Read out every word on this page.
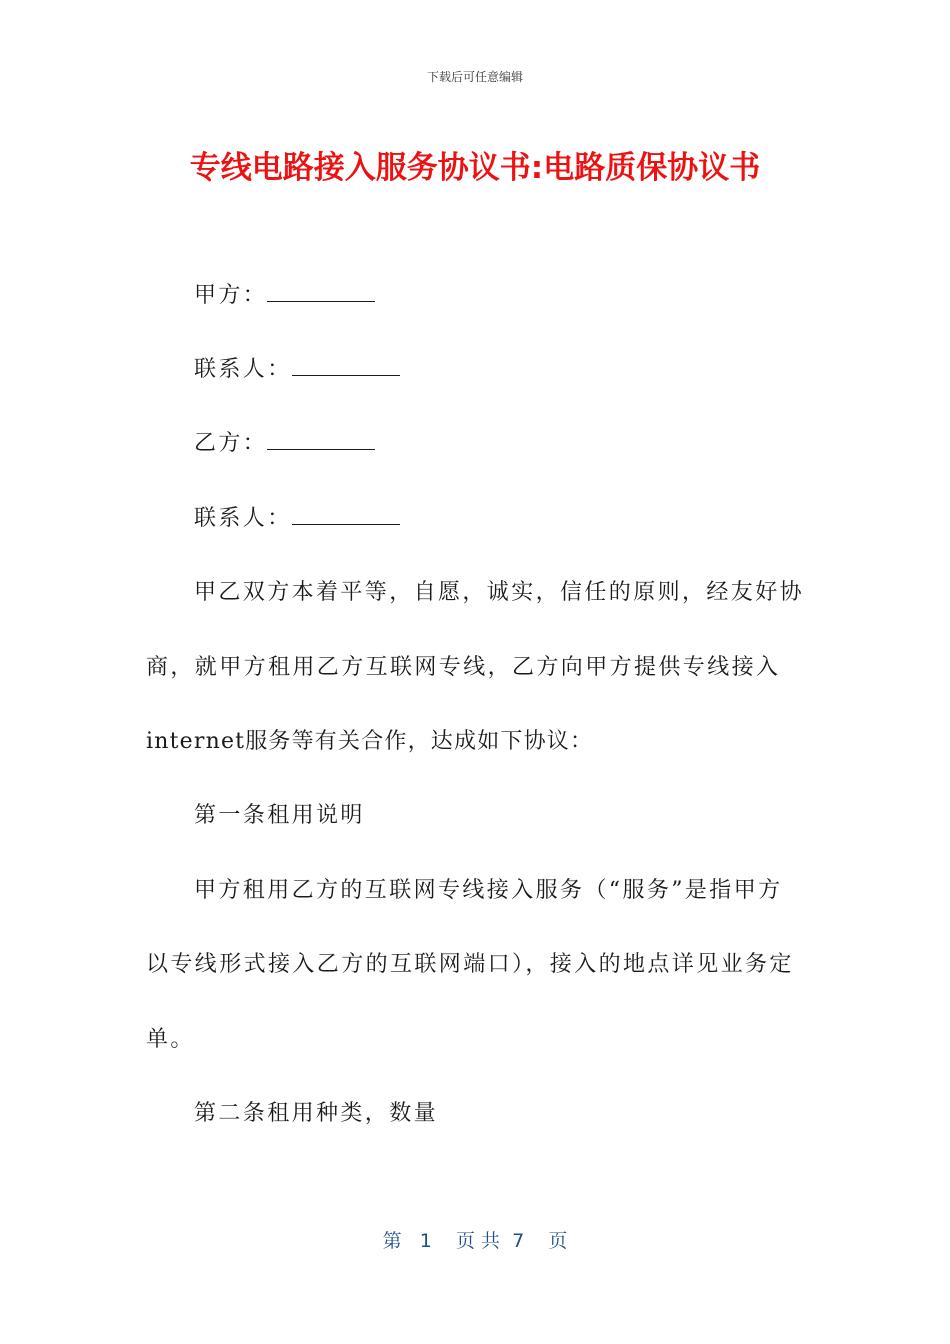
下载后可任意编辑
专线电路接入服务协议书:电路质保协议书
甲方：
联系人：
乙方：
联系人：
甲乙双方本着平等，自愿，诚实，信任的原则，经友好协
商，就甲方租用乙方互联网专线，乙方向甲方提供专线接入
internet服务等有关合作，达成如下协议：
第一条租用说明
甲方租用乙方的互联网专线接入服务（“服务”是指甲方
以专线形式接入乙方的互联网端口），接入的地点详见业务定
单。
第二条租用种类，数量
第   1    页 共  7    页
